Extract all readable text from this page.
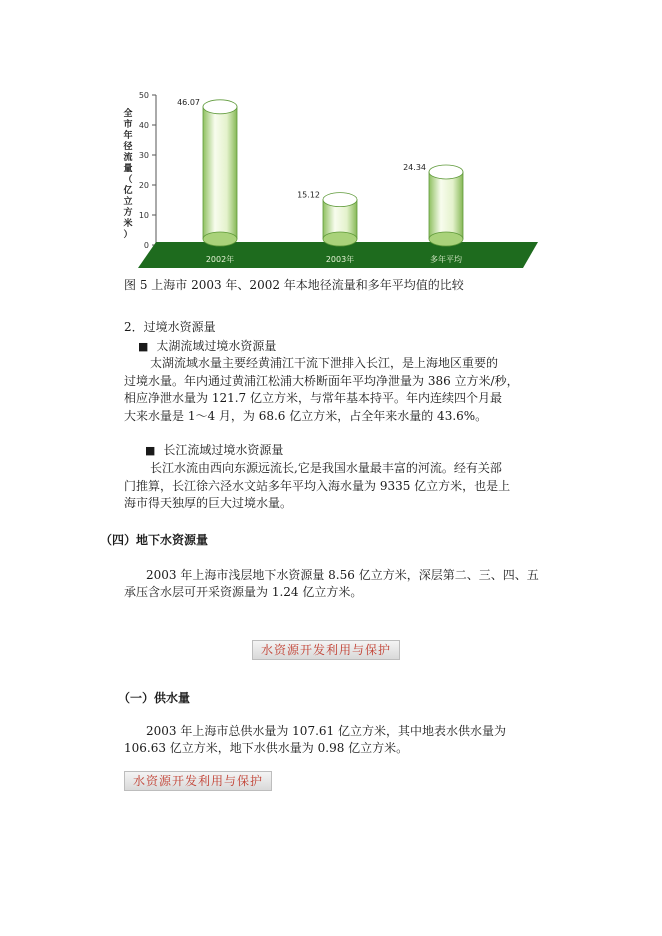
全
市
年
径
流
量
（
亿
立
方
米
）
0
10
20
30
40
50
46.07
2002年
15.12
2003年
24.34
多年平均
图 5 上海市 2003 年、2002 年本地径流量和多年平均值的比较
2．过境水资源量
■ 太湖流域过境水资源量
太湖流域水量主要经黄浦江干流下泄排入长江，是上海地区重要的
过境水量。年内通过黄浦江松浦大桥断面年平均净泄量为 386 立方米/秒，
相应净泄水量为 121.7 亿立方米，与常年基本持平。年内连续四个月最
大来水量是 1～4 月，为 68.6 亿立方米，占全年来水量的 43.6%。
■ 长江流域过境水资源量
长江水流由西向东源远流长,它是我国水量最丰富的河流。经有关部
门推算，长江徐六泾水文站多年平均入海水量为 9335 亿立方米，也是上
海市得天独厚的巨大过境水量。
（四）地下水资源量
2003 年上海市浅层地下水资源量 8.56 亿立方米，深层第二、三、四、五
承压含水层可开采资源量为 1.24 亿立方米。
水资源开发利用与保护
（一）供水量
2003 年上海市总供水量为 107.61 亿立方米，其中地表水供水量为
106.63 亿立方米，地下水供水量为 0.98 亿立方米。
水资源开发利用与保护
